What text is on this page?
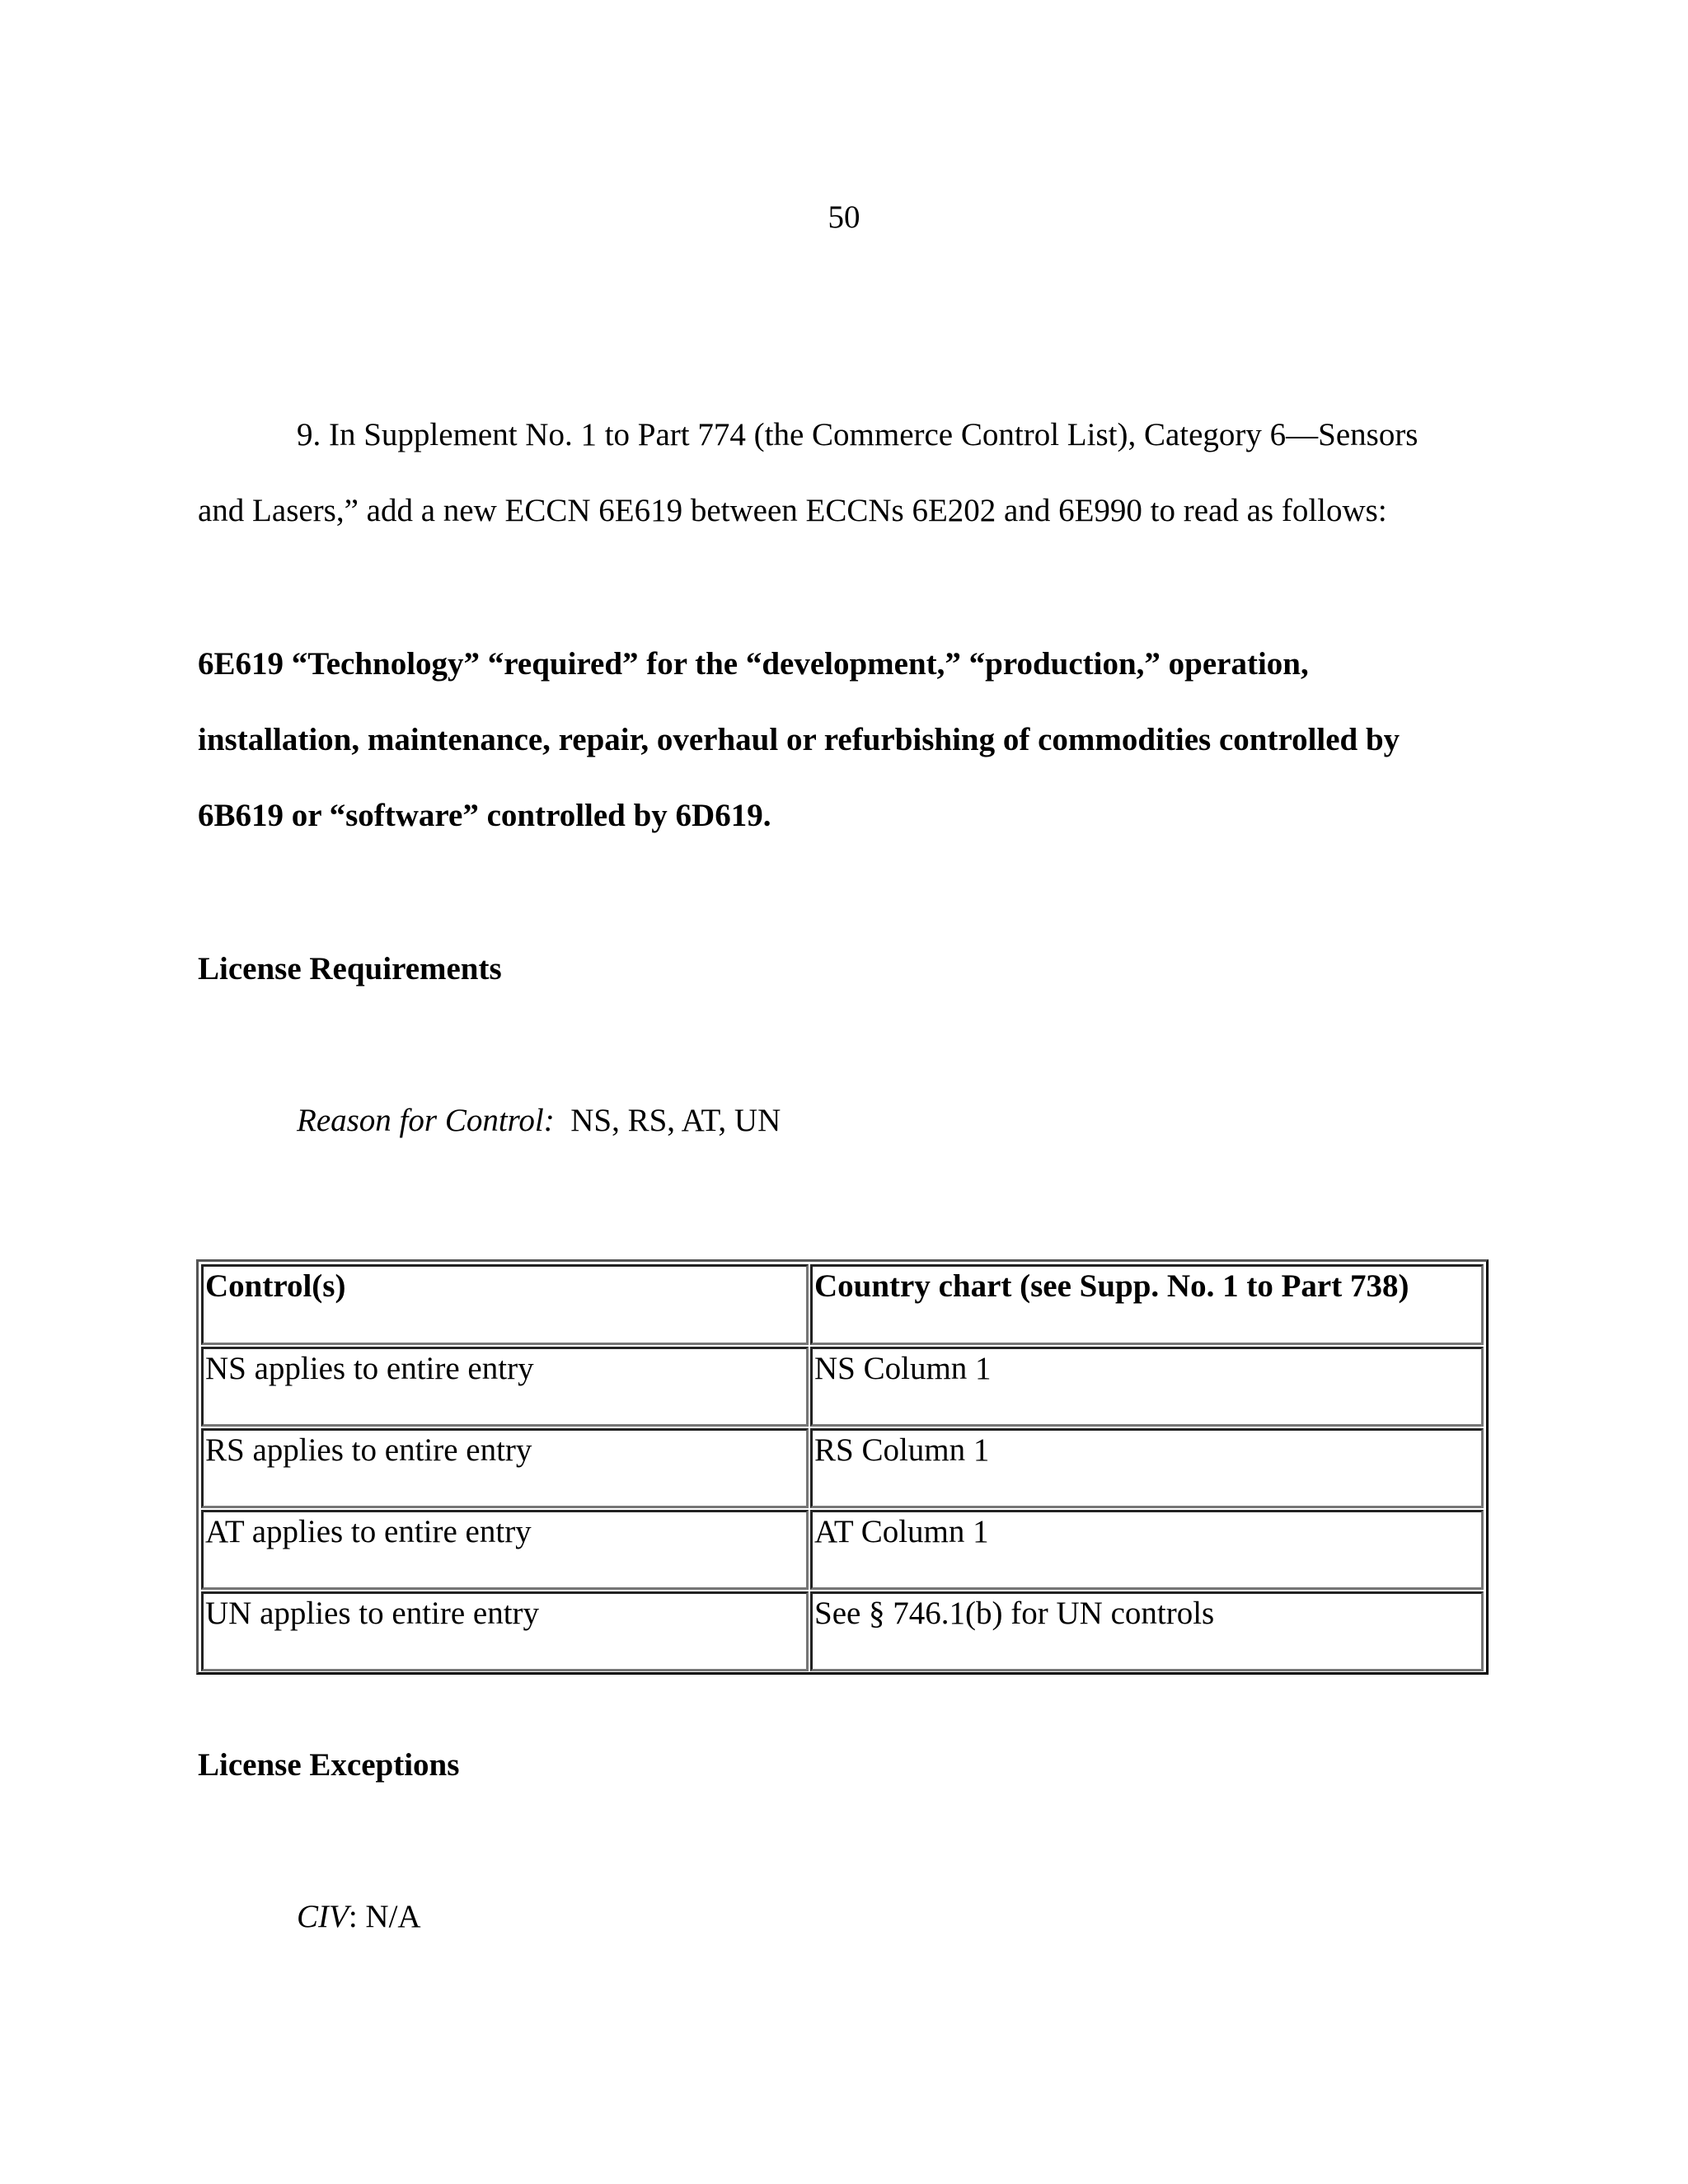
50
9. In Supplement No. 1 to Part 774 (the Commerce Control List), Category 6—Sensors
and Lasers,” add a new ECCN 6E619 between ECCNs 6E202 and 6E990 to read as follows:
6E619 “Technology” “required” for the “development,” “production,” operation,
installation, maintenance, repair, overhaul or refurbishing of commodities controlled by
6B619 or “software” controlled by 6D619.
License Requirements
Reason for Control: NS, RS, AT, UN
Control(s)	Country chart (see Supp. No. 1 to Part 738)
NS applies to entire entry	NS Column 1
RS applies to entire entry	RS Column 1
AT applies to entire entry	AT Column 1
UN applies to entire entry	See § 746.1(b) for UN controls
License Exceptions
CIV: N/A
